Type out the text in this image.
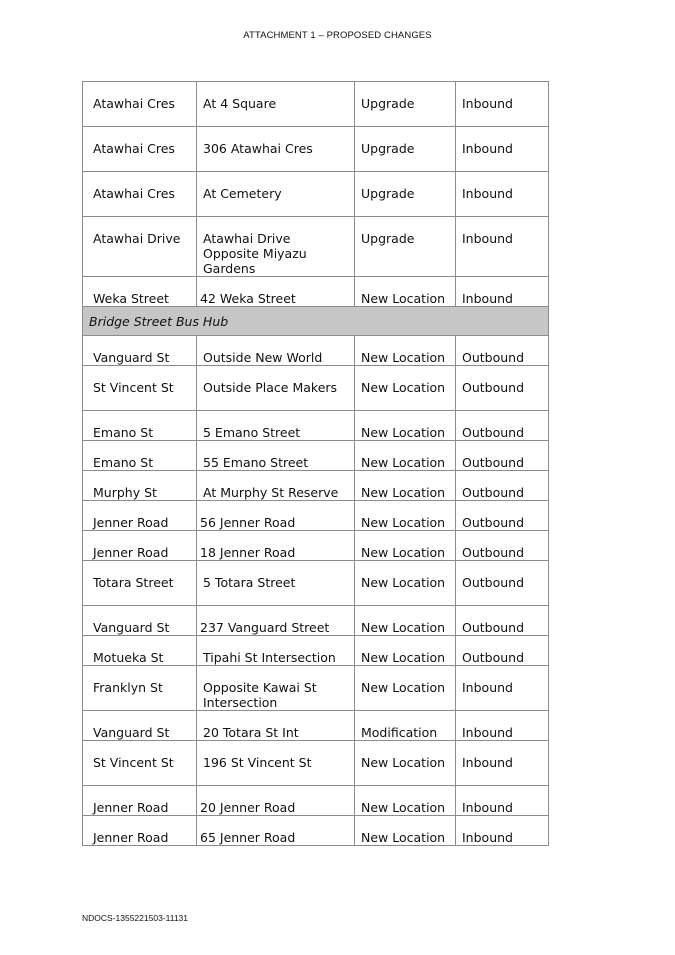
ATTACHMENT 1 – PROPOSED CHANGES
Atawhai Cres	At 4 Square	Upgrade	Inbound

Atawhai Cres	306 Atawhai Cres	Upgrade	Inbound

Atawhai Cres	At Cemetery	Upgrade	Inbound

Atawhai Drive	Atawhai Drive Opposite Miyazu Gardens	Upgrade	Inbound

Weka Street	42 Weka Street	New Location	Inbound
Bridge Street Bus Hub			

Vanguard St	Outside New World	New Location	Outbound

St Vincent St	Outside Place Makers	New Location	Outbound

Emano St	5 Emano Street	New Location	Outbound

Emano St	55 Emano Street	New Location	Outbound

Murphy St	At Murphy St Reserve	New Location	Outbound

Jenner Road	56 Jenner Road	New Location	Outbound

Jenner Road	18 Jenner Road	New Location	Outbound

Totara Street	5 Totara Street	New Location	Outbound

Vanguard St	237 Vanguard Street	New Location	Outbound

Motueka St	Tipahi St Intersection	New Location	Outbound

Franklyn St	Opposite Kawai St Intersection	New Location	Inbound

Vanguard St	20 Totara St Int	Modification	Inbound

St Vincent St	196 St Vincent St	New Location	Inbound

Jenner Road	20 Jenner Road	New Location	Inbound

Jenner Road	65 Jenner Road	New Location	Inbound
NDOCS-1355221503-11131
